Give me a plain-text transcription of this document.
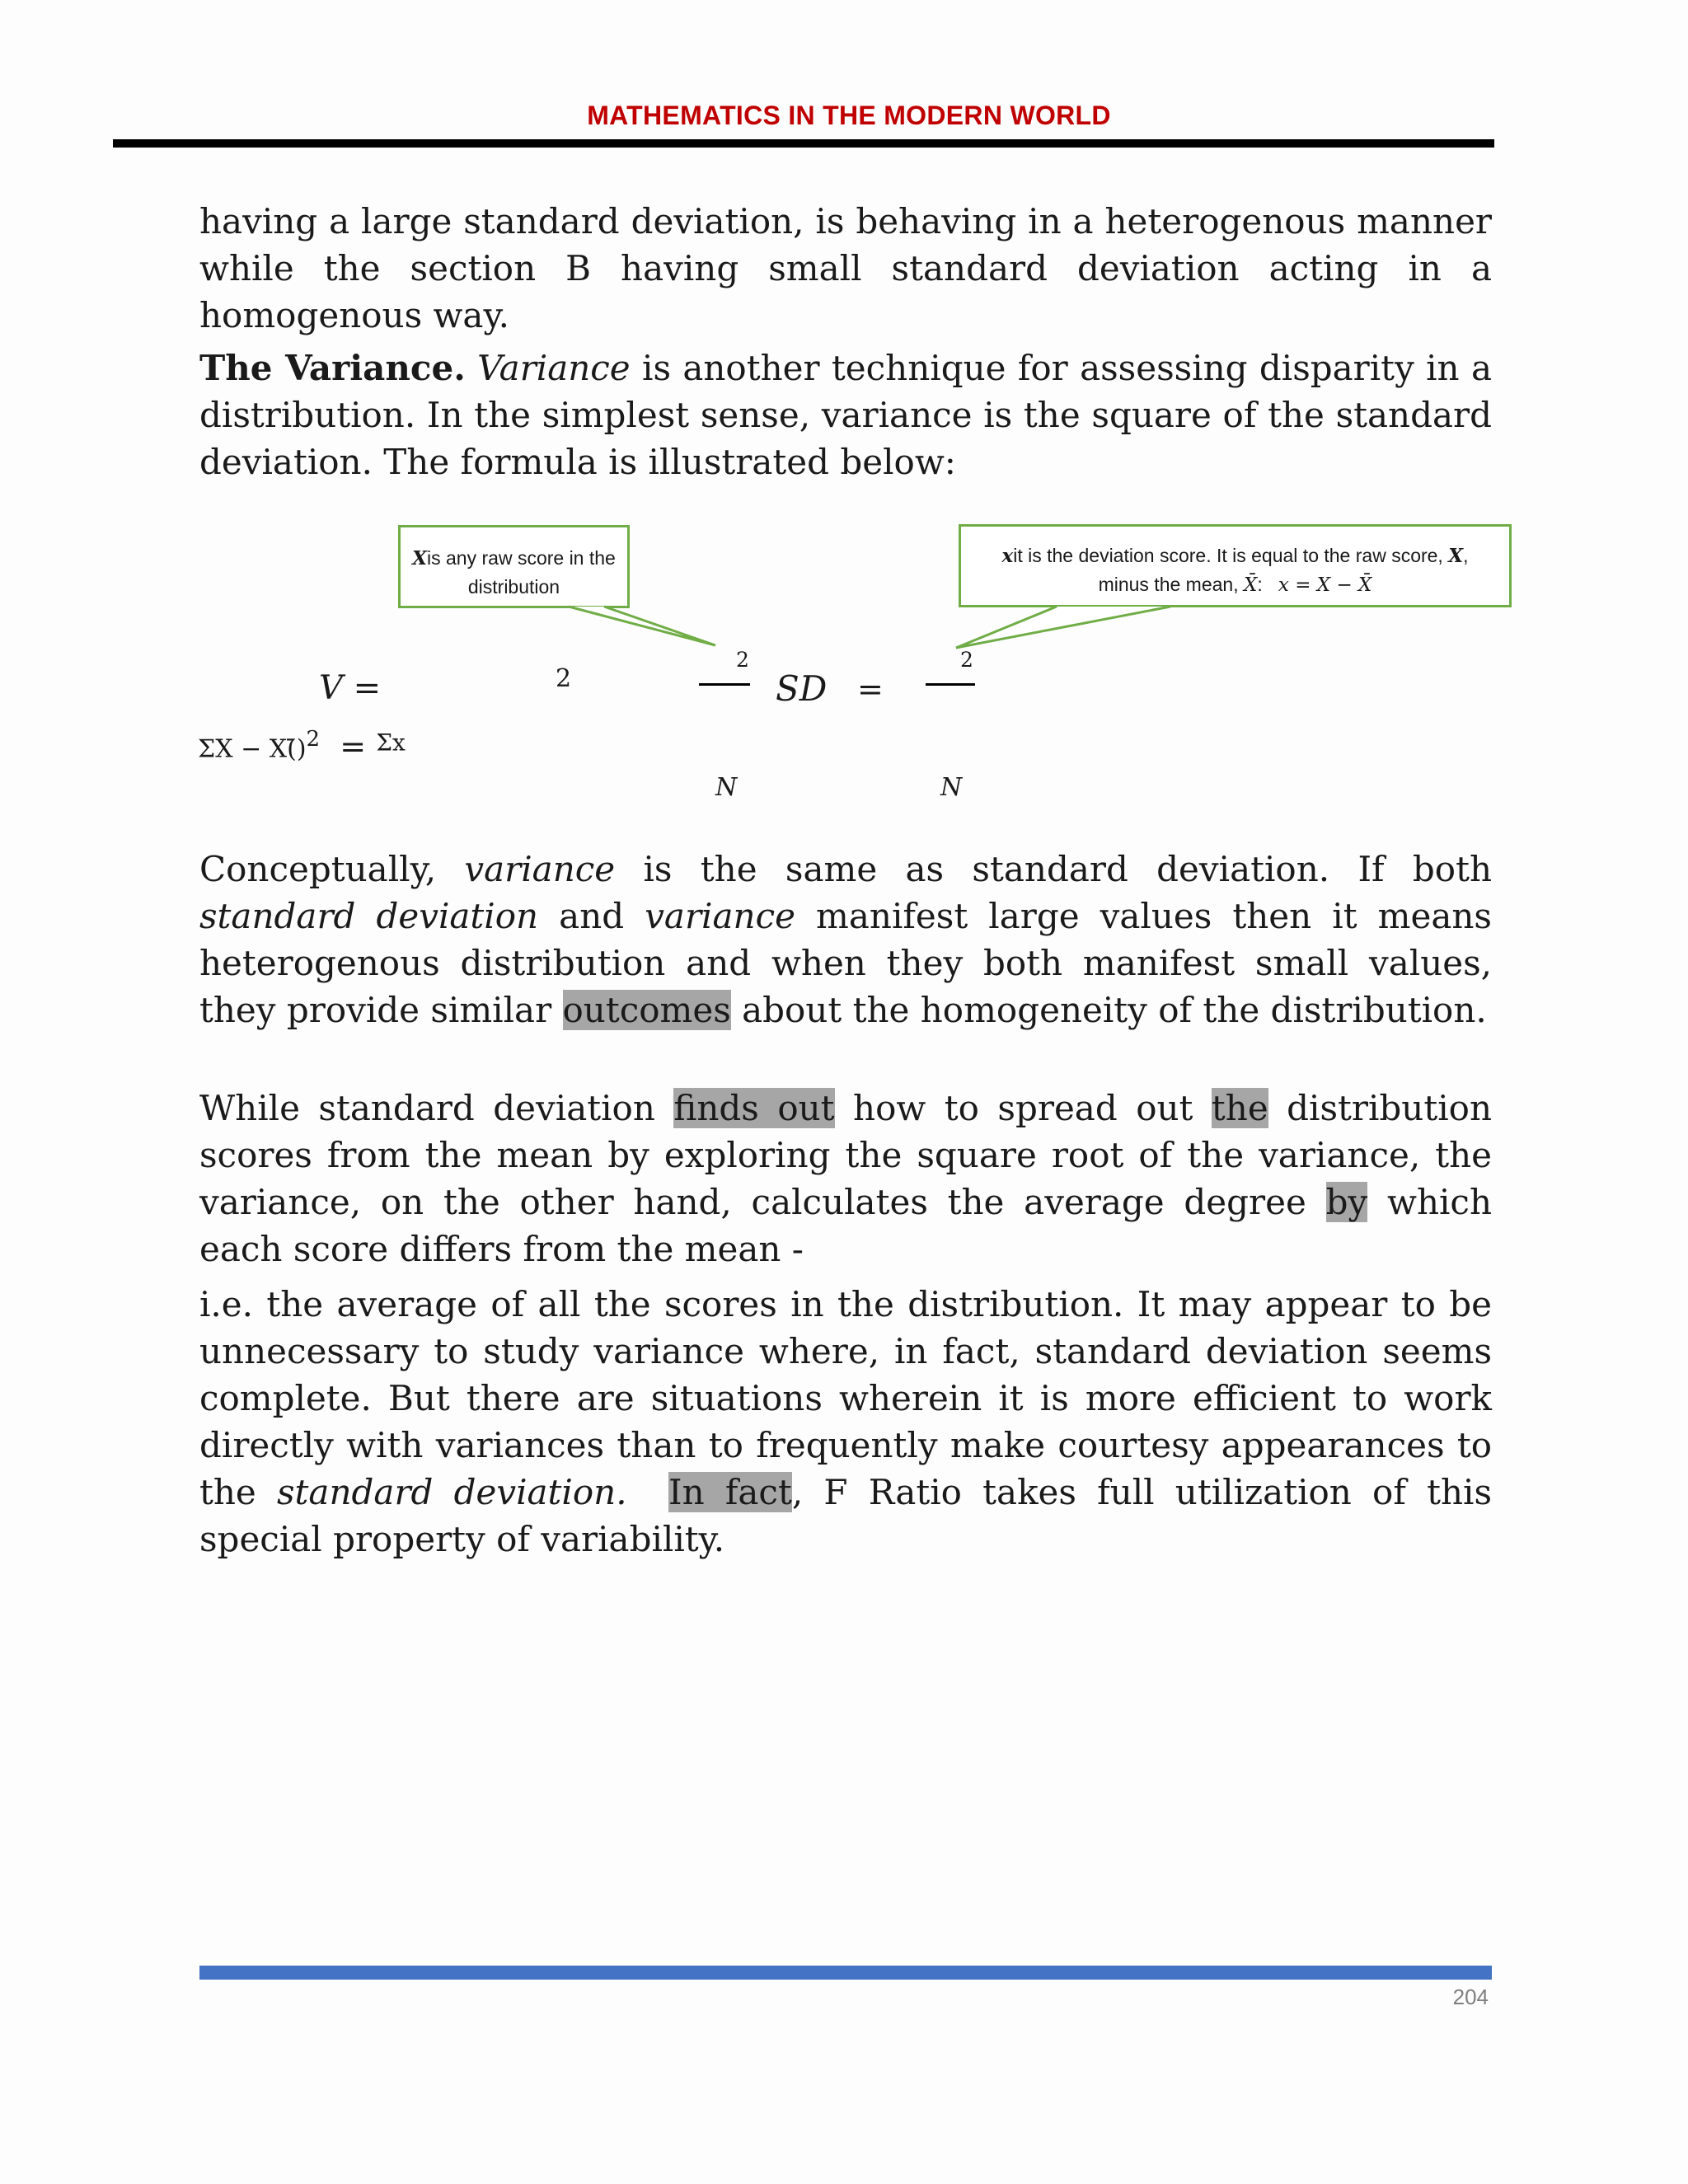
MATHEMATICS IN THE MODERN WORLD

having a large standard deviation, is behaving in a heterogenous manner while the section B having small standard deviation acting in a homogenous way.

The Variance. Variance is another technique for assessing disparity in a distribution. In the simplest sense, variance is the square of the standard deviation. The formula is illustrated below:

Xis any raw score in the distribution
xit is the deviation score. It is equal to the raw score, X,
minus the mean, X̄: x = X − X̄
V =	2
2
SD =
2
ΣX − X(̄)$^2$ = $^{\Sigma x}$
N	N

Conceptually, variance is the same as standard deviation. If both standard deviation and variance manifest large values then it means heterogenous distribution and when they both manifest small values, they provide similar outcomes about the homogeneity of the distribution.

While standard deviation finds out how to spread out the distribution scores from the mean by exploring the square root of the variance, the variance, on the other hand, calculates the average degree by which each score differs from the mean -

i.e. the average of all the scores in the distribution. It may appear to be unnecessary to study variance where, in fact, standard deviation seems complete. But there are situations wherein it is more efficient to work directly with variances than to frequently make courtesy appearances to the standard deviation. In fact, F Ratio takes full utilization of this special property of variability.

204
